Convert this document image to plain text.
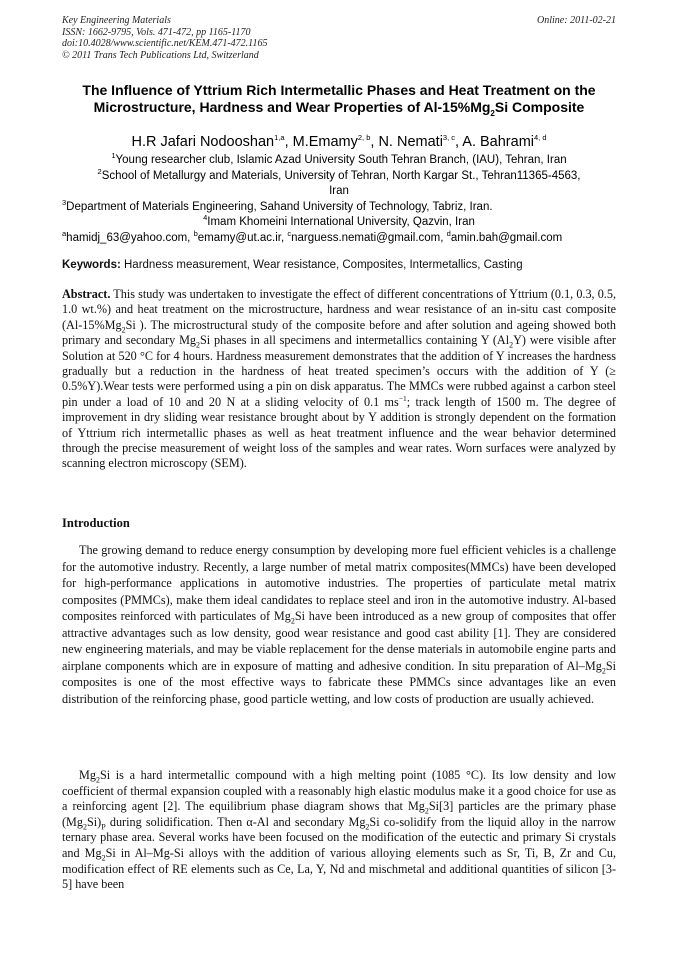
Key Engineering Materials
ISSN: 1662-9795, Vols. 471-472, pp 1165-1170
doi:10.4028/www.scientific.net/KEM.471-472.1165
© 2011 Trans Tech Publications Ltd, Switzerland
Online: 2011-02-21
The Influence of Yttrium Rich Intermetallic Phases and Heat Treatment on the Microstructure, Hardness and Wear Properties of $Al-15\%Mg_2Si$ Composite
H.R Jafari Nodooshan$^{1,a}$, M.Emamy$^{2, b}$, N. Nemati$^{3, c}$, A. Bahrami$^{4, d}$
$^1$Young researcher club, Islamic Azad University South Tehran Branch, (IAU), Tehran, Iran
$^2$School of Metallurgy and Materials, University of Tehran, North Kargar St., Tehran11365-4563,
Iran
$^3$Department of Materials Engineering, Sahand University of Technology, Tabriz, Iran.
$^4$Imam Khomeini International University, Qazvin, Iran
$^a$hamidj_63@yahoo.com, $^b$emamy@ut.ac.ir, $^c$narguess.nemati@gmail.com, $^d$amin.bah@gmail.com
Keywords: Hardness measurement, Wear resistance, Composites, Intermetallics, Casting
Abstract. This study was undertaken to investigate the effect of different concentrations of Yttrium (0.1, 0.3, 0.5, 1.0 wt.%) and heat treatment on the microstructure, hardness and wear resistance of an in-situ cast composite ($Al-15\%Mg_2Si$ ). The microstructural study of the composite before and after solution and ageing showed both primary and secondary $Mg_2Si$ phases in all specimens and intermetallics containing Y $(Al_2Y)$ were visible after Solution at 520 °C for 4 hours. Hardness measurement demonstrates that the addition of Y increases the hardness gradually but a reduction in the hardness of heat treated specimen’s occurs with the addition of Y (≥ 0.5%Y).Wear tests were performed using a pin on disk apparatus. The MMCs were rubbed against a carbon steel pin under a load of 10 and 20 N at a sliding velocity of 0.1 $ms^{-1}$; track length of 1500 m. The degree of improvement in dry sliding wear resistance brought about by Y addition is strongly dependent on the formation of Yttrium rich intermetallic phases as well as heat treatment influence and the wear behavior determined through the precise measurement of weight loss of the samples and wear rates. Worn surfaces were analyzed by scanning electron microscopy (SEM).
Introduction

The growing demand to reduce energy consumption by developing more fuel efficient vehicles is a challenge for the automotive industry. Recently, a large number of metal matrix composites(MMCs) have been developed for high-performance applications in automotive industries. The properties of particulate metal matrix composites (PMMCs), make them ideal candidates to replace steel and iron in the automotive industry. Al-based composites reinforced with particulates of $Mg_2Si$ have been introduced as a new group of composites that offer attractive advantages such as low density, good wear resistance and good cast ability [1]. They are considered new engineering materials, and may be viable replacement for the dense materials in automobile engine parts and airplane components which are in exposure of matting and adhesive condition. In situ preparation of $Al-Mg_2Si$ composites is one of the most effective ways to fabricate these PMMCs since advantages like an even distribution of the reinforcing phase, good particle wetting, and low costs of production are usually achieved.

$Mg_2Si$ is a hard intermetallic compound with a high melting point (1085 °C). Its low density and low coefficient of thermal expansion coupled with a reasonably high elastic modulus make it a good choice for use as a reinforcing agent [2]. The equilibrium phase diagram shows that $Mg_2Si[3]$ particles are the primary phase $(Mg_2Si)_P$ during solidification. Then α-Al and secondary $Mg_2Si$ co-solidify from the liquid alloy in the narrow ternary phase area. Several works have been focused on the modification of the eutectic and primary Si crystals and $Mg_2Si$ in Al–Mg-Si alloys with the addition of various alloying elements such as Sr, Ti, B, Zr and Cu, modification effect of RE elements such as Ce, La, Y, Nd and mischmetal and additional quantities of silicon [3-5] have been
